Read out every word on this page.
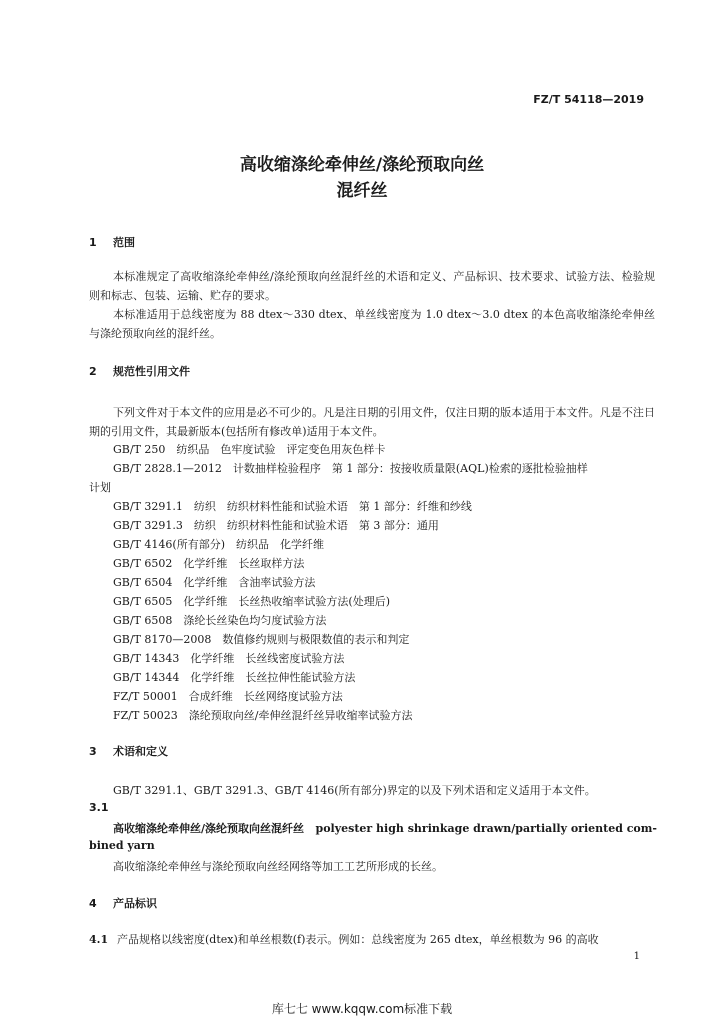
FZ/T 54118—2019
高收缩涤纶牵伸丝/涤纶预取向丝
混纤丝
1 范围
本标准规定了高收缩涤纶牵伸丝/涤纶预取向丝混纤丝的术语和定义、产品标识、技术要求、试验方法、检验规则和标志、包装、运输、贮存的要求。
本标准适用于总线密度为 88 dtex～330 dtex、单丝线密度为 1.0 dtex～3.0 dtex 的本色高收缩涤纶牵伸丝与涤纶预取向丝的混纤丝。
2 规范性引用文件
下列文件对于本文件的应用是必不可少的。凡是注日期的引用文件，仅注日期的版本适用于本文件。凡是不注日期的引用文件，其最新版本(包括所有修改单)适用于本文件。
GB/T 250　纺织品　色牢度试验　评定变色用灰色样卡
GB/T 2828.1—2012　计数抽样检验程序　第 1 部分：按接收质量限(AQL)检索的逐批检验抽样
计划
GB/T 3291.1　纺织　纺织材料性能和试验术语　第 1 部分：纤维和纱线
GB/T 3291.3　纺织　纺织材料性能和试验术语　第 3 部分：通用
GB/T 4146(所有部分)　纺织品　化学纤维
GB/T 6502　化学纤维　长丝取样方法
GB/T 6504　化学纤维　含油率试验方法
GB/T 6505　化学纤维　长丝热收缩率试验方法(处理后)
GB/T 6508　涤纶长丝染色均匀度试验方法
GB/T 8170—2008　数值修约规则与极限数值的表示和判定
GB/T 14343　化学纤维　长丝线密度试验方法
GB/T 14344　化学纤维　长丝拉伸性能试验方法
FZ/T 50001　合成纤维　长丝网络度试验方法
FZ/T 50023　涤纶预取向丝/牵伸丝混纤丝异收缩率试验方法
3 术语和定义
GB/T 3291.1、GB/T 3291.3、GB/T 4146(所有部分)界定的以及下列术语和定义适用于本文件。
3.1
高收缩涤纶牵伸丝/涤纶预取向丝混纤丝 polyester high shrinkage drawn/partially oriented com-
bined yarn
高收缩涤纶牵伸丝与涤纶预取向丝经网络等加工工艺所形成的长丝。
4 产品标识
4.1 产品规格以线密度(dtex)和单丝根数(f)表示。例如：总线密度为 265 dtex，单丝根数为 96 的高收
1
库七七 www.kqqw.com标准下载
